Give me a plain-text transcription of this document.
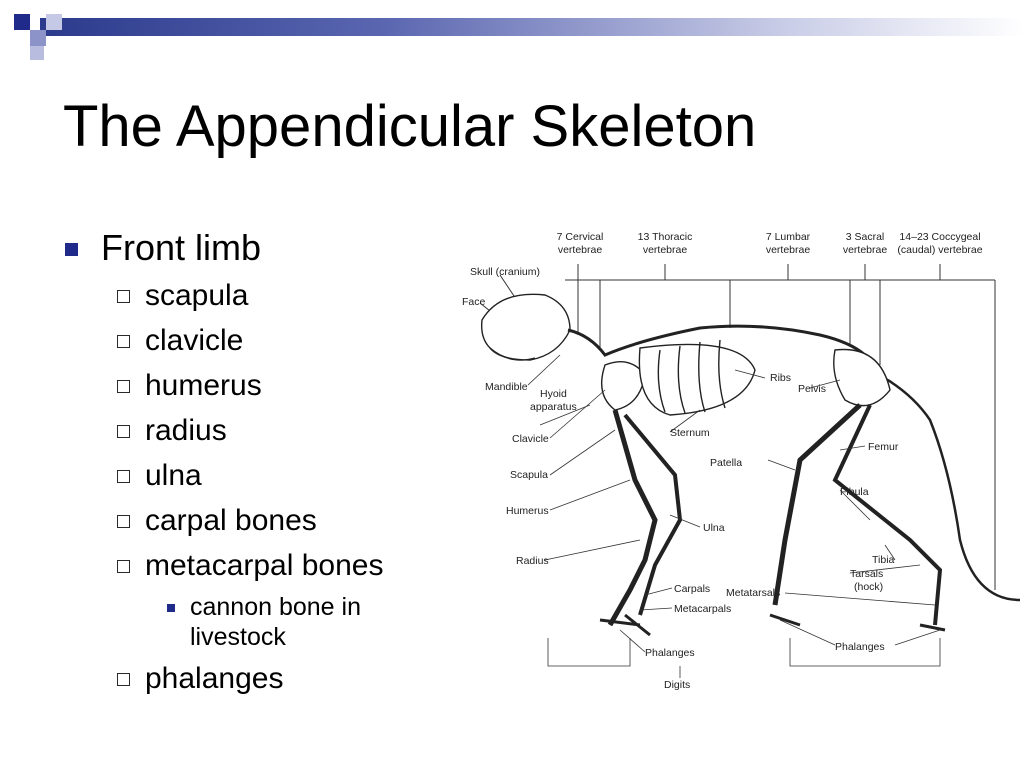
The Appendicular Skeleton
Front limb
scapula
clavicle
humerus
radius
ulna
carpal bones
metacarpal bones
cannon bone in livestock
phalanges
7 Cervical
vertebrae
13 Thoracic
vertebrae
7 Lumbar
vertebrae
3 Sacral
vertebrae
14–23 Coccygeal
(caudal) vertebrae
Skull (cranium)
Face
Mandible
Hyoid
apparatus
Clavicle
Scapula
Humerus
Radius
Ribs
Sternum
Ulna
Carpals
Metacarpals
Phalanges
Digits
Pelvis
Femur
Patella
Fibula
Tibia
Tarsals
(hock)
Metatarsals
Phalanges
